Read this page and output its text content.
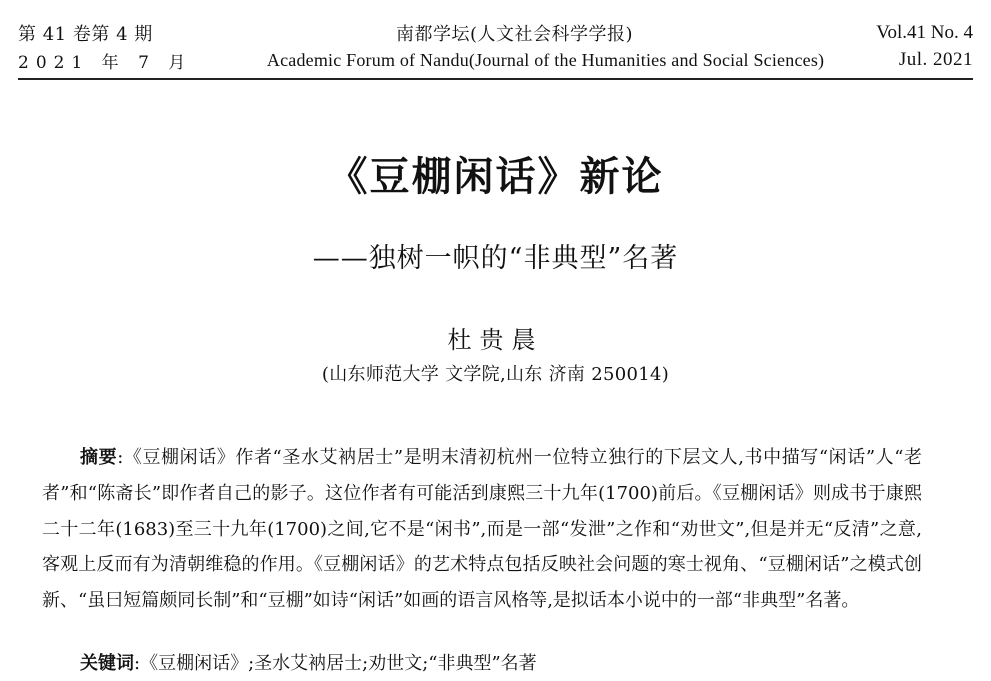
第 41 卷第 4 期	南都学坛(人文社会科学学报)	Vol.41 No. 4
2021 年 7 月	Academic Forum of Nandu(Journal of the Humanities and Social Sciences)	Jul. 2021
《豆棚闲话》新论
——独树一帜的“非典型”名著
杜贵晨
(山东师范大学 文学院,山东 济南 250014)
摘要:《豆棚闲话》作者“圣水艾衲居士”是明末清初杭州一位特立独行的下层文人,书中描写“闲话”人“老者”和“陈斋长”即作者自己的影子。这位作者有可能活到康熙三十九年(1700)前后。《豆棚闲话》则成书于康熙二十二年(1683)至三十九年(1700)之间,它不是“闲书”,而是一部“发泄”之作和“劝世文”,但是并无“反清”之意,客观上反而有为清朝维稳的作用。《豆棚闲话》的艺术特点包括反映社会问题的寒士视角、“豆棚闲话”之模式创新、“虽曰短篇颇同长制”和“豆棚”如诗“闲话”如画的语言风格等,是拟话本小说中的一部“非典型”名著。
关键词:《豆棚闲话》;圣水艾衲居士;劝世文;“非典型”名著
